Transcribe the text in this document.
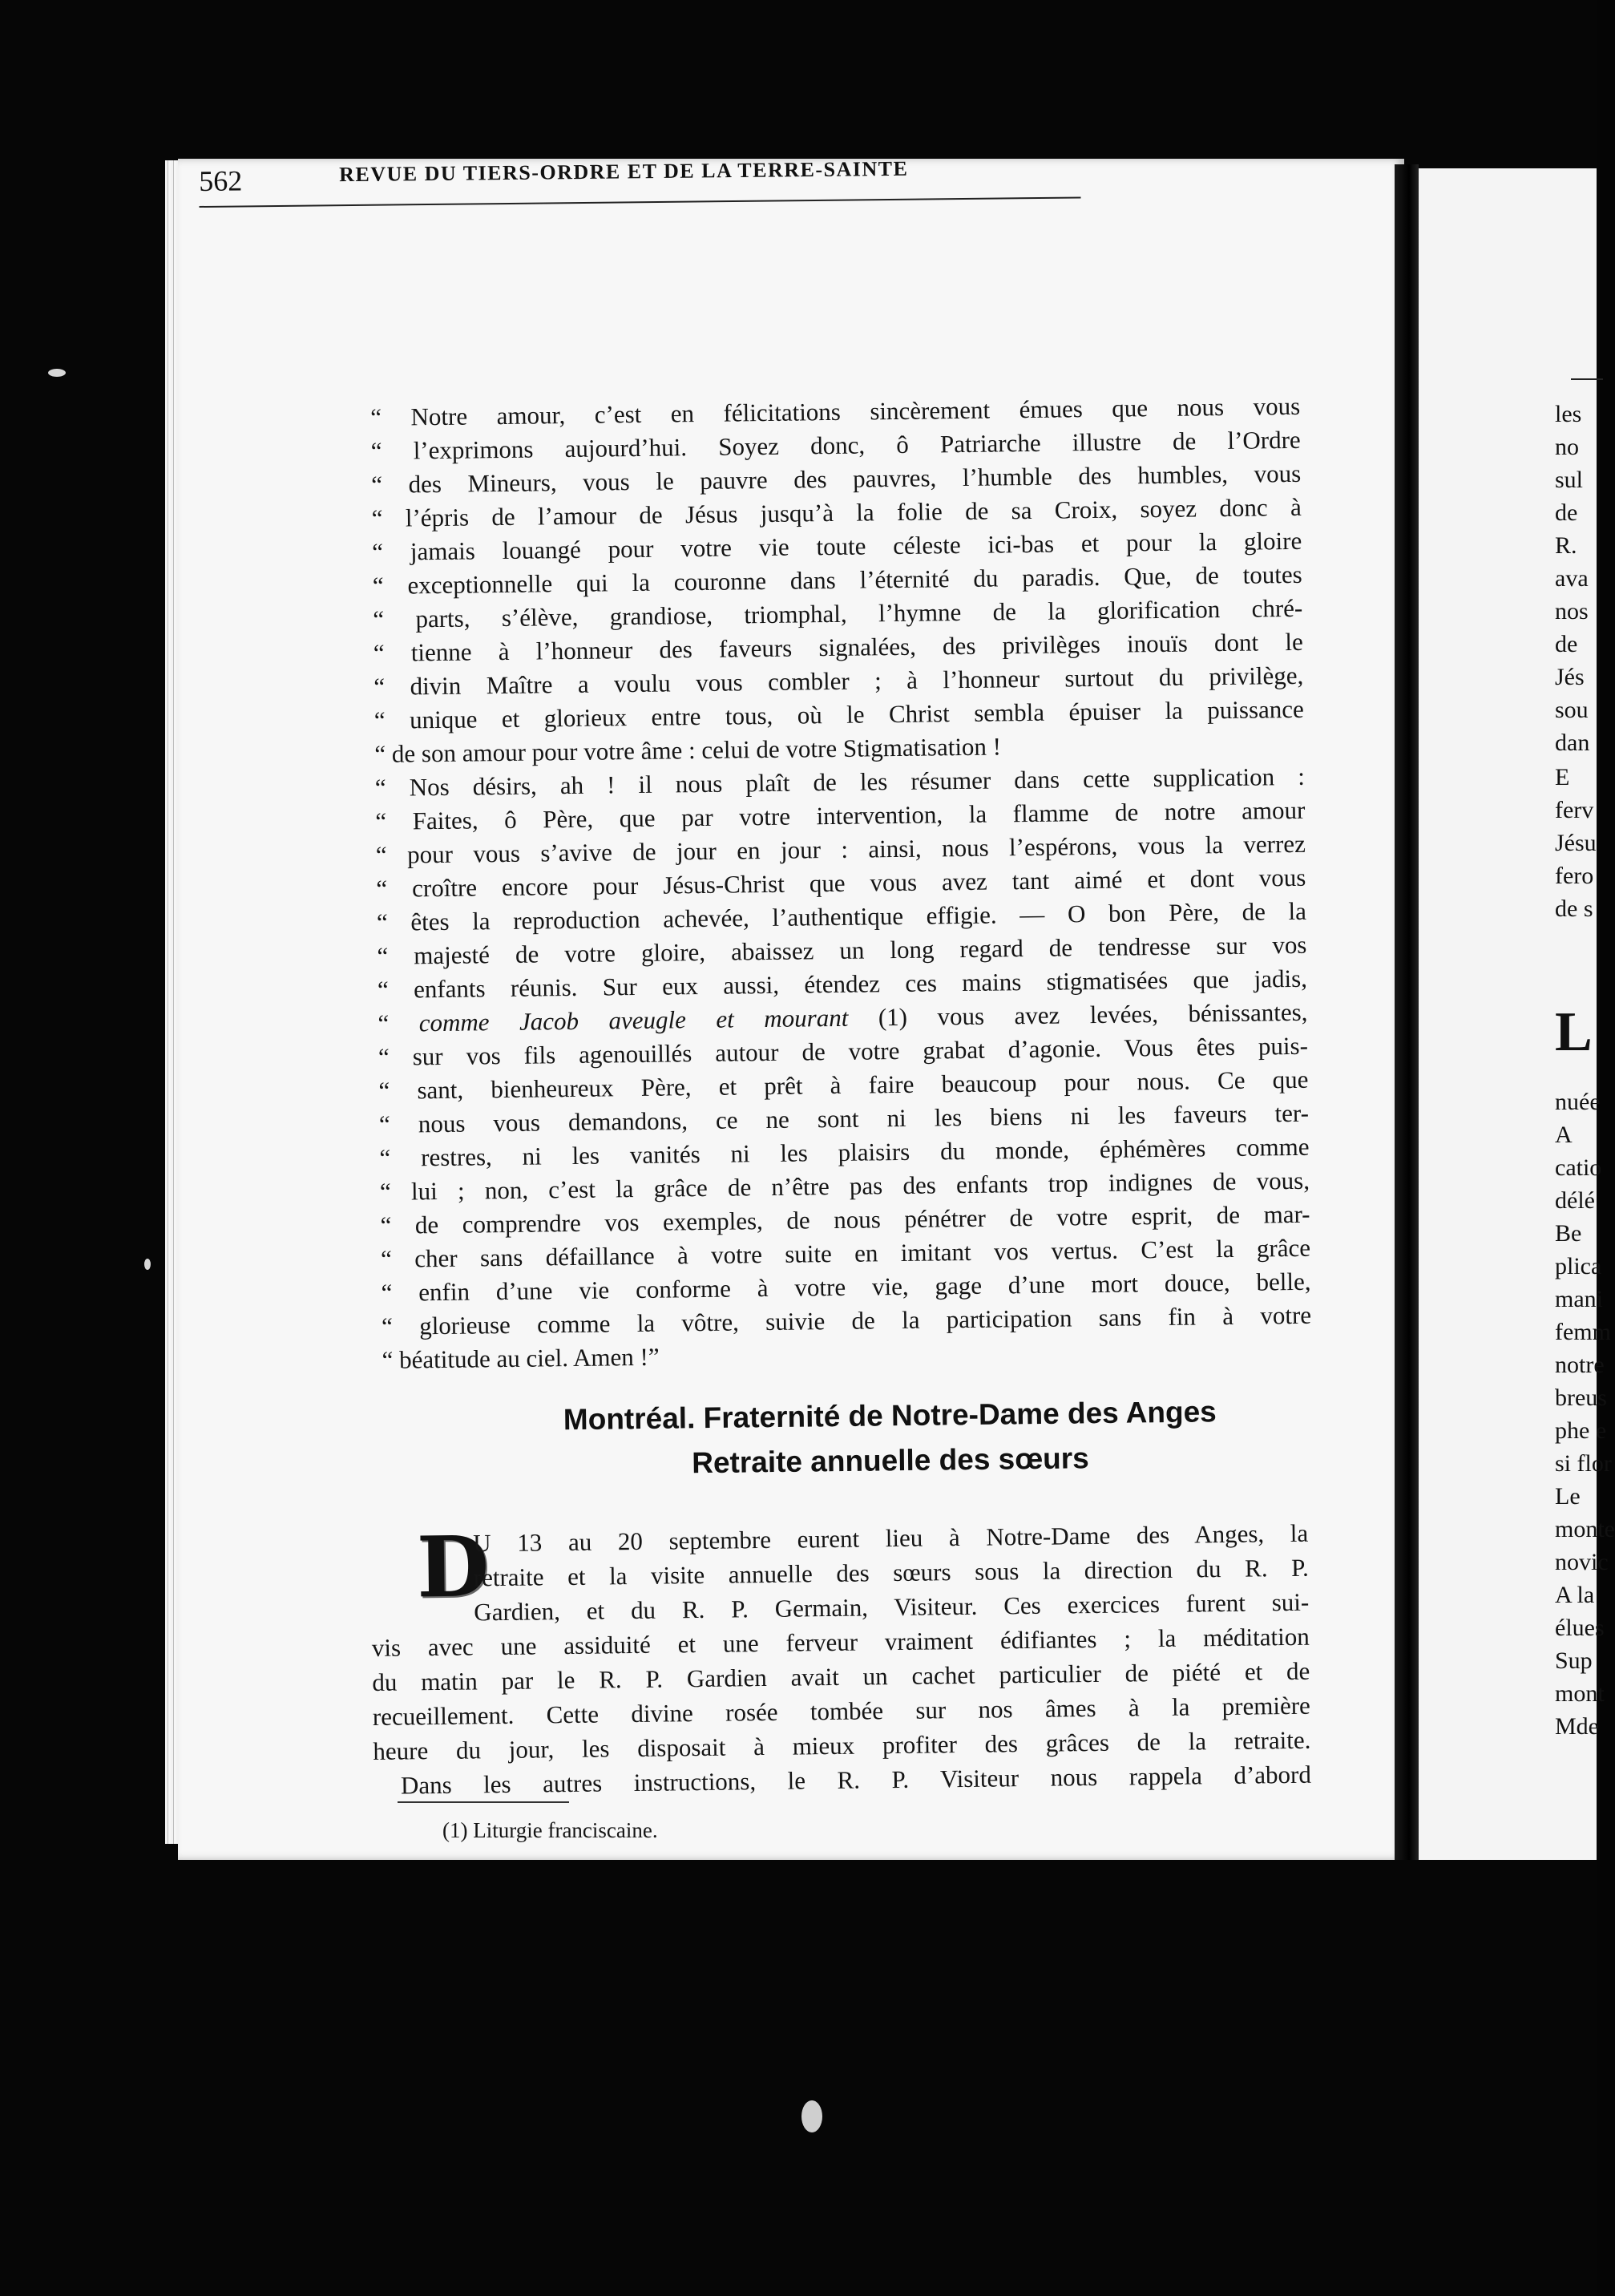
les
no
sul
de
R.
ava
nos
de
Jés
sou
dan
E
ferv
Jésu
fero
de s
L
nuée
A
catio
délé
Be
plica
mani
femm
notre
breus
phe e
si flor
Le
monte
novic
A la
élues
Sup
mont
Mde
562	REVUE DU TIERS-ORDRE ET DE LA TERRE-SAINTE
“ Notre amour, c’est en félicitations sincèrement émues que nous vous
“ l’exprimons aujourd’hui. Soyez donc, ô Patriarche illustre de l’Ordre
“ des Mineurs, vous le pauvre des pauvres, l’humble des humbles, vous
“ l’épris de l’amour de Jésus jusqu’à la folie de sa Croix, soyez donc à
“ jamais louangé pour votre vie toute céleste ici-bas et pour la gloire
“ exceptionnelle qui la couronne dans l’éternité du paradis. Que, de toutes
“ parts, s’élève, grandiose, triomphal, l’hymne de la glorification chré-
“ tienne à l’honneur des faveurs signalées, des privilèges inouïs dont le
“ divin Maître a voulu vous combler ; à l’honneur surtout du privilège,
“ unique et glorieux entre tous, où le Christ sembla épuiser la puissance
“ de son amour pour votre âme : celui de votre Stigmatisation !
“ Nos désirs, ah ! il nous plaît de les résumer dans cette supplication :
“ Faites, ô Père, que par votre intervention, la flamme de notre amour
“ pour vous s’avive de jour en jour : ainsi, nous l’espérons, vous la verrez
“ croître encore pour Jésus-Christ que vous avez tant aimé et dont vous
“ êtes la reproduction achevée, l’authentique effigie. — O bon Père, de la
“ majesté de votre gloire, abaissez un long regard de tendresse sur vos
“ enfants réunis. Sur eux aussi, étendez ces mains stigmatisées que jadis,
“ comme Jacob aveugle et mourant (1) vous avez levées, bénissantes,
“ sur vos fils agenouillés autour de votre grabat d’agonie. Vous êtes puis-
“ sant, bienheureux Père, et prêt à faire beaucoup pour nous. Ce que
“ nous vous demandons, ce ne sont ni les biens ni les faveurs ter-
“ restres, ni les vanités ni les plaisirs du monde, éphémères comme
“ lui ; non, c’est la grâce de n’être pas des enfants trop indignes de vous,
“ de comprendre vos exemples, de nous pénétrer de votre esprit, de mar-
“ cher sans défaillance à votre suite en imitant vos vertus. C’est la grâce
“ enfin d’une vie conforme à votre vie, gage d’une mort douce, belle,
“ glorieuse comme la vôtre, suivie de la participation sans fin à votre
“ béatitude au ciel. Amen !”
Montréal. Fraternité de Notre-Dame des Anges
Retraite annuelle des sœurs
D
U 13 au 20 septembre eurent lieu à Notre-Dame des Anges, la
retraite et la visite annuelle des sœurs sous la direction du R. P.
Gardien, et du R. P. Germain, Visiteur. Ces exercices furent sui-
vis avec une assiduité et une ferveur vraiment édifiantes ; la méditation
du matin par le R. P. Gardien avait un cachet particulier de piété et de
recueillement. Cette divine rosée tombée sur nos âmes à la première
heure du jour, les disposait à mieux profiter des grâces de la retraite.
Dans les autres instructions, le R. P. Visiteur nous rappela d’abord
(1) Liturgie franciscaine.
